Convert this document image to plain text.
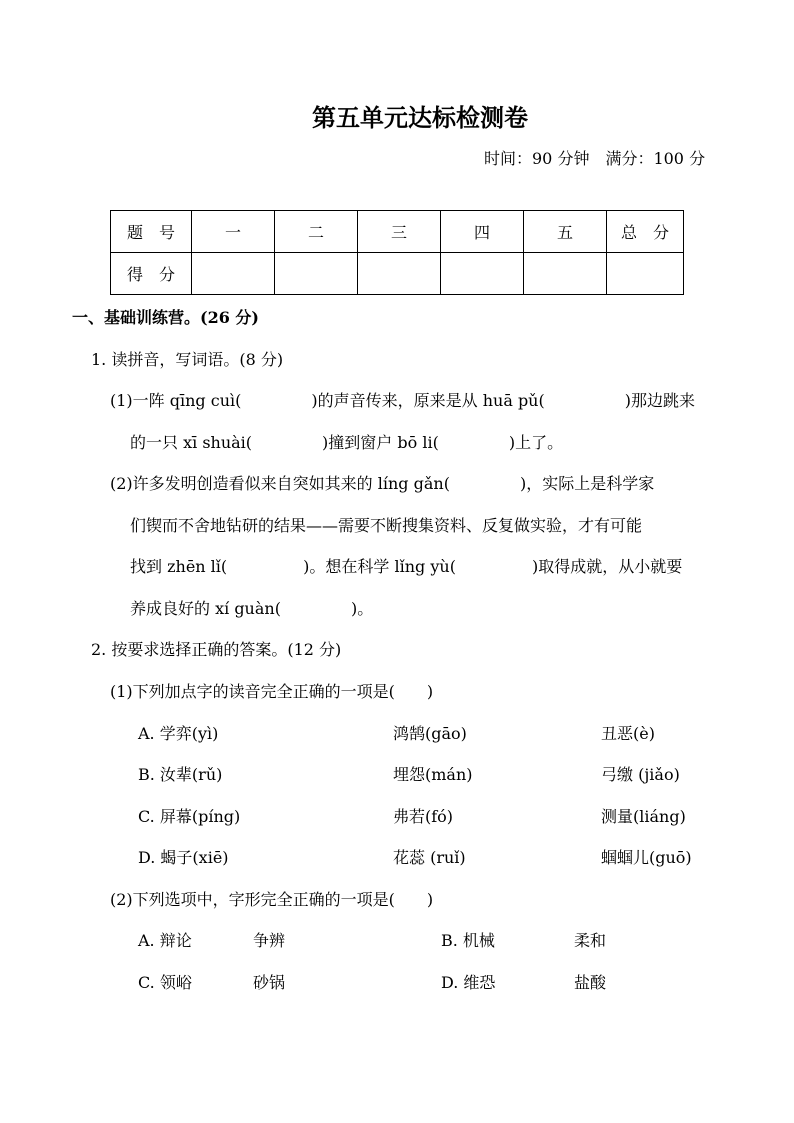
第五单元达标检测卷
时间：90 分钟　满分：100 分
题　号	一	二	三	四	五	总　分
得　分						
一、基础训练营。(26 分)
1. 读拼音，写词语。(8 分)
(1)一阵 qīng cuì(	)的声音传来，原来是从 huā pǔ(	)那边跳来
的一只 xī shuài(	)撞到窗户 bō li(	)上了。
(2)许多发明创造看似来自突如其来的 líng gǎn(	)，实际上是科学家
们锲而不舍地钻研的结果——需要不断搜集资料、反复做实验，才有可能
找到 zhēn lǐ(	)。想在科学 lǐng yù(	)取得成就，从小就要
养成良好的 xí guàn(	)。
2. 按要求选择正确的答案。(12 分)
(1)下列加点字的读音完全正确的一项是(　　)
A. 学弈(yì)	鸿鹄(gāo)	丑恶(è)
B. 汝辈(rǔ)	埋怨(mán)	弓缴 (jiǎo)
C. 屏幕(píng)	弗若(fó)	测量(liáng)
D. 蝎子(xiē)	花蕊 (ruǐ)	蝈蝈儿(guō)
(2)下列选项中，字形完全正确的一项是(　　)
A. 辩论	争辨	B. 机械	柔和
C. 领峪	砂锅	D. 维恐	盐酸
